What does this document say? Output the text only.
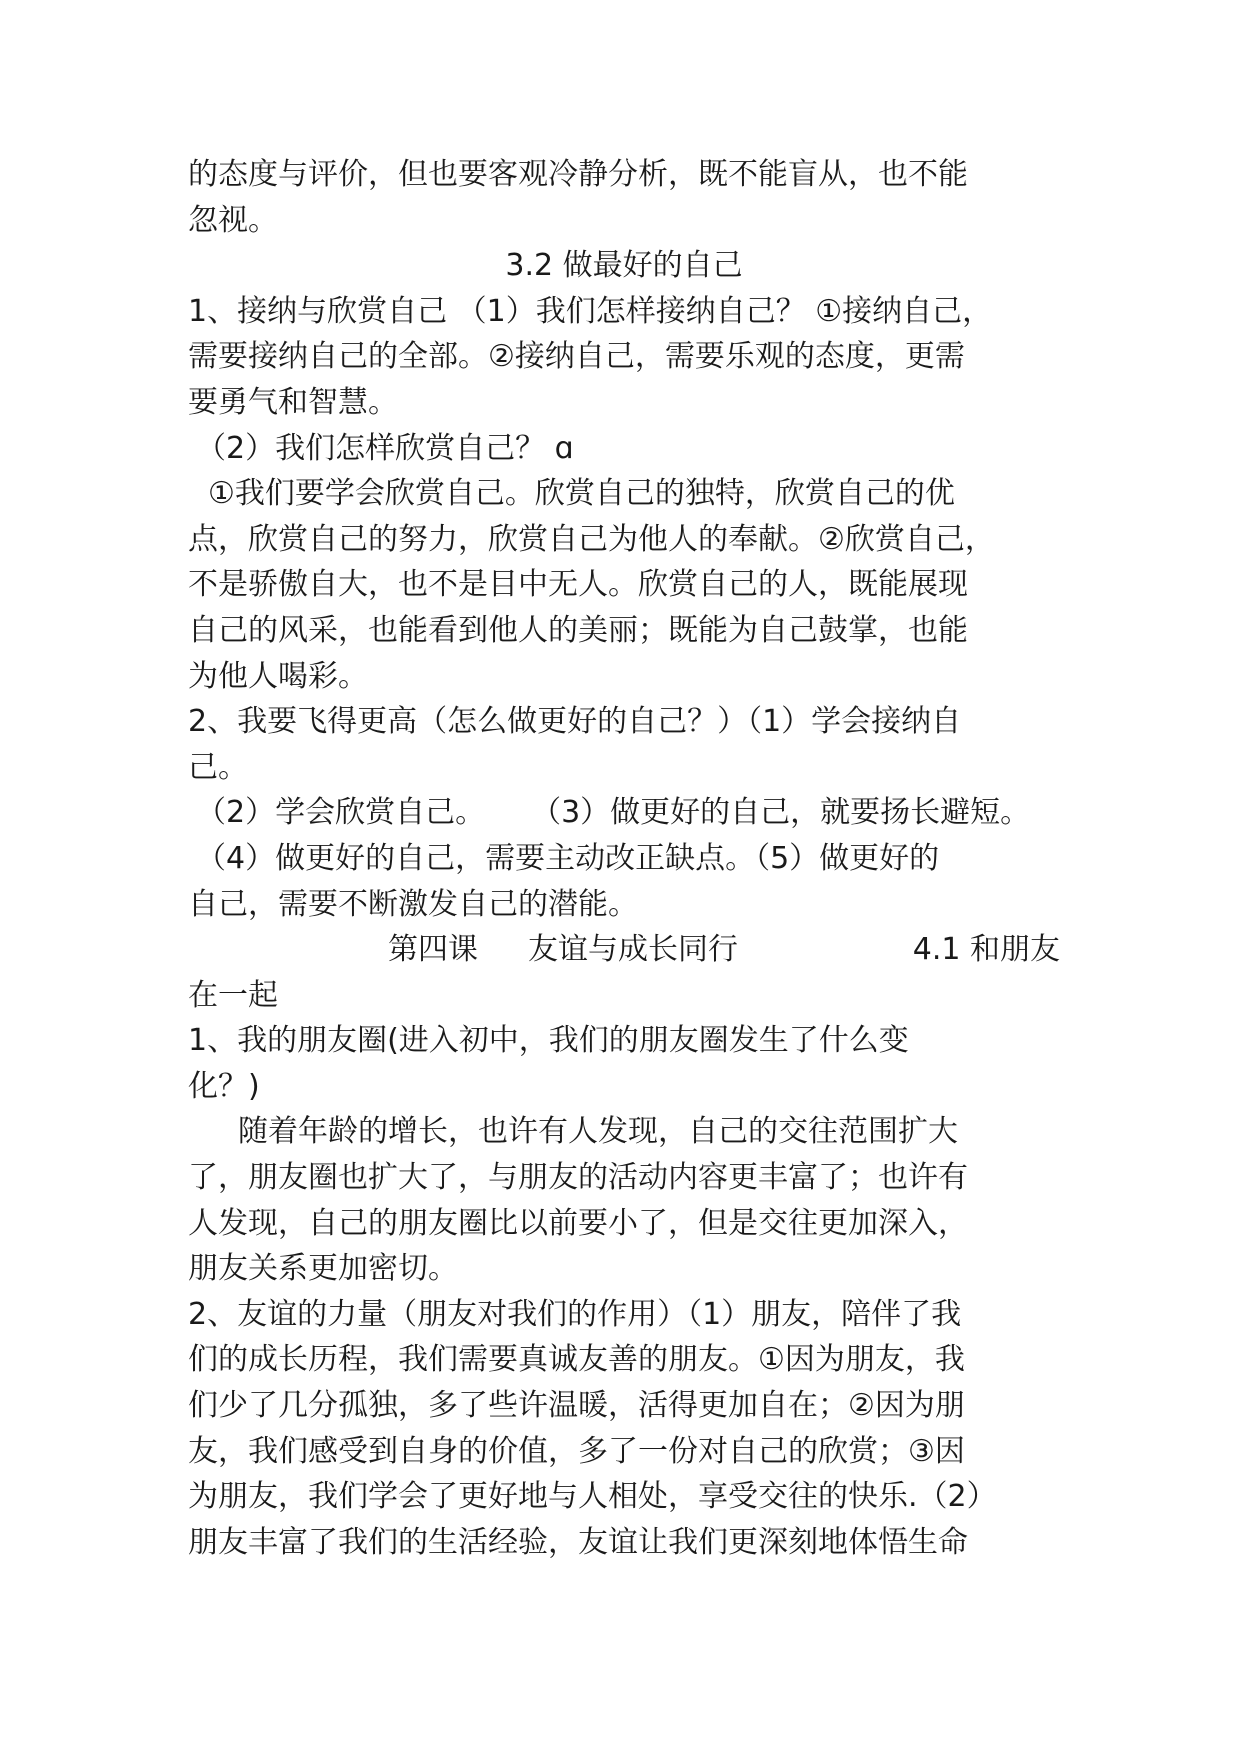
的态度与评价，但也要客观冷静分析，既不能盲从，也不能
忽视。
3.2 做最好的自己
1、接纳与欣赏自己 （1）我们怎样接纳自己？ ①接纳自己，
需要接纳自己的全部。②接纳自己，需要乐观的态度，更需
要勇气和智慧。
（2）我们怎样欣赏自己？ ɑ
①我们要学会欣赏自己。欣赏自己的独特，欣赏自己的优
点，欣赏自己的努力，欣赏自己为他人的奉献。②欣赏自己，
不是骄傲自大，也不是目中无人。欣赏自己的人，既能展现
自己的风采，也能看到他人的美丽；既能为自己鼓掌，也能
为他人喝彩。
2、我要飞得更高（怎么做更好的自己？）（1）学会接纳自
己。
（2）学会欣赏自己。 （3）做更好的自己，就要扬长避短。
（4）做更好的自己，需要主动改正缺点。（5）做更好的
自己，需要不断激发自己的潜能。
第四课 友谊与成长同行	4.1 和朋友
在一起
1、我的朋友圈(进入初中，我们的朋友圈发生了什么变
化？)
随着年龄的增长，也许有人发现，自己的交往范围扩大
了，朋友圈也扩大了，与朋友的活动内容更丰富了；也许有
人发现，自己的朋友圈比以前要小了，但是交往更加深入，
朋友关系更加密切。
2、友谊的力量（朋友对我们的作用）（1）朋友，陪伴了我
们的成长历程，我们需要真诚友善的朋友。①因为朋友，我
们少了几分孤独，多了些许温暖，活得更加自在；②因为朋
友，我们感受到自身的价值，多了一份对自己的欣赏；③因
为朋友，我们学会了更好地与人相处，享受交往的快乐.（2）
朋友丰富了我们的生活经验，友谊让我们更深刻地体悟生命
